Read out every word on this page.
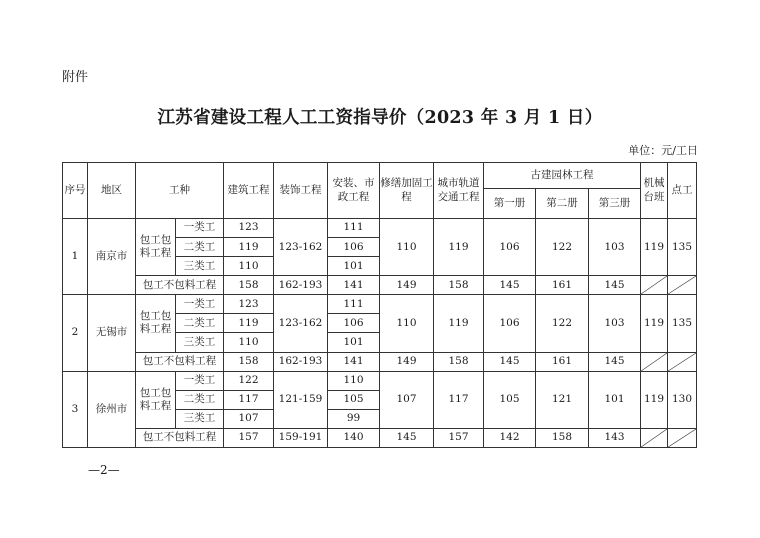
附件
江苏省建设工程人工工资指导价（2023 年 3 月 1 日）
单位：元/工日
序号	地区	工种		建筑工程	装饰工程	安装、市政工程	修缮加固工程	城市轨道交通工程	古建园林工程			机械台班	点工
									第一册	第二册	第三册		
1	南京市	包工包料工程	一类工	123	123-162	111	110	119	106	122	103	119	135
			二类工	119		106							
			三类工	110		101							
		包工不包料工程		158	162-193	141	149	158	145	161	145	

2	无锡市	包工包料工程	一类工	123	123-162	111	110	119	106	122	103	119	135
			二类工	119		106							
			三类工	110		101							
		包工不包料工程		158	162-193	141	149	158	145	161	145	

3	徐州市	包工包料工程	一类工	122	121-159	110	107	117	105	121	101	119	130
			二类工	117		105							
			三类工	107		99							
		包工不包料工程		157	159-191	140	145	157	142	158	143	

—2—
